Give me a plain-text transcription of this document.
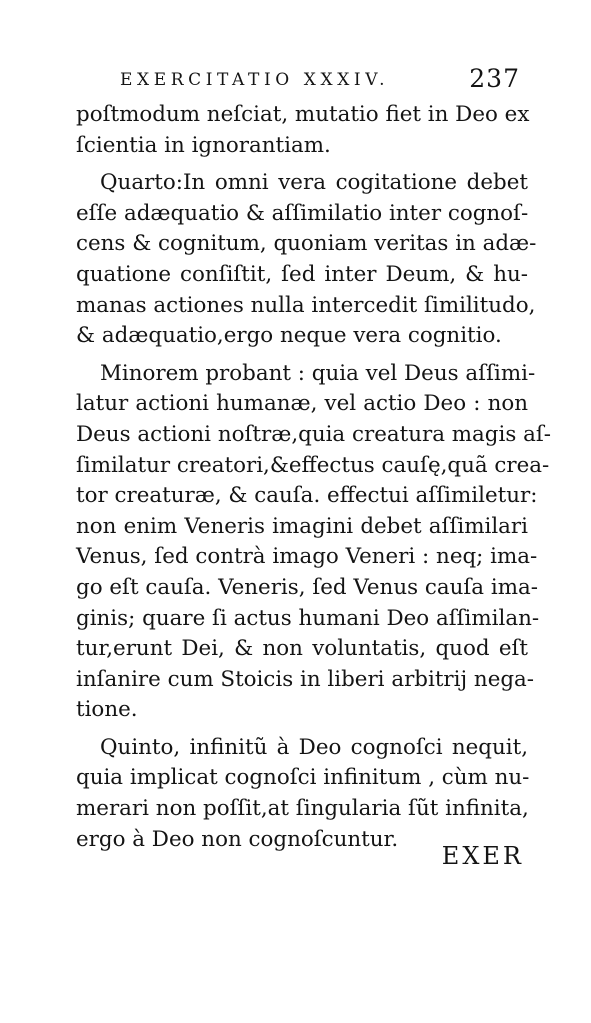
EXERCITATIO XXXIV.	237
poſtmodum neſciat, mutatio fiet in Deo ex
ſcientia in ignorantiam.
Quarto:In omni vera cogitatione debet
eſſe adæquatio & aſſimilatio inter cognoſ-
cens & cognitum, quoniam veritas in adæ-
quatione conſiſtit, ſed inter Deum, & hu-
manas actiones nulla intercedit ſimilitudo,
& adæquatio,ergo neque vera cognitio.
Minorem probant : quia vel Deus aſſimi-
latur actioni humanæ, vel actio Deo : non
Deus actioni noſtræ,quia creatura magis aſ-
ſimilatur creatori,&effectus cauſę,quã crea-
tor creaturæ, & cauſa. effectui aſſimiletur:
non enim Veneris imagini debet aſſimilari
Venus, ſed contrà imago Veneri : neq; ima-
go eſt cauſa. Veneris, ſed Venus cauſa ima-
ginis; quare ſi actus humani Deo aſſimilan-
tur,erunt Dei, & non voluntatis, quod eſt
inſanire cum Stoicis in liberi arbitrij nega-
tione.
Quinto, infinitũ à Deo cognoſci nequit,
quia implicat cognoſci infinitum , cùm nu-
merari non poſſit,at ſingularia ſũt infinita,
ergo à Deo non cognoſcuntur.
EXER
